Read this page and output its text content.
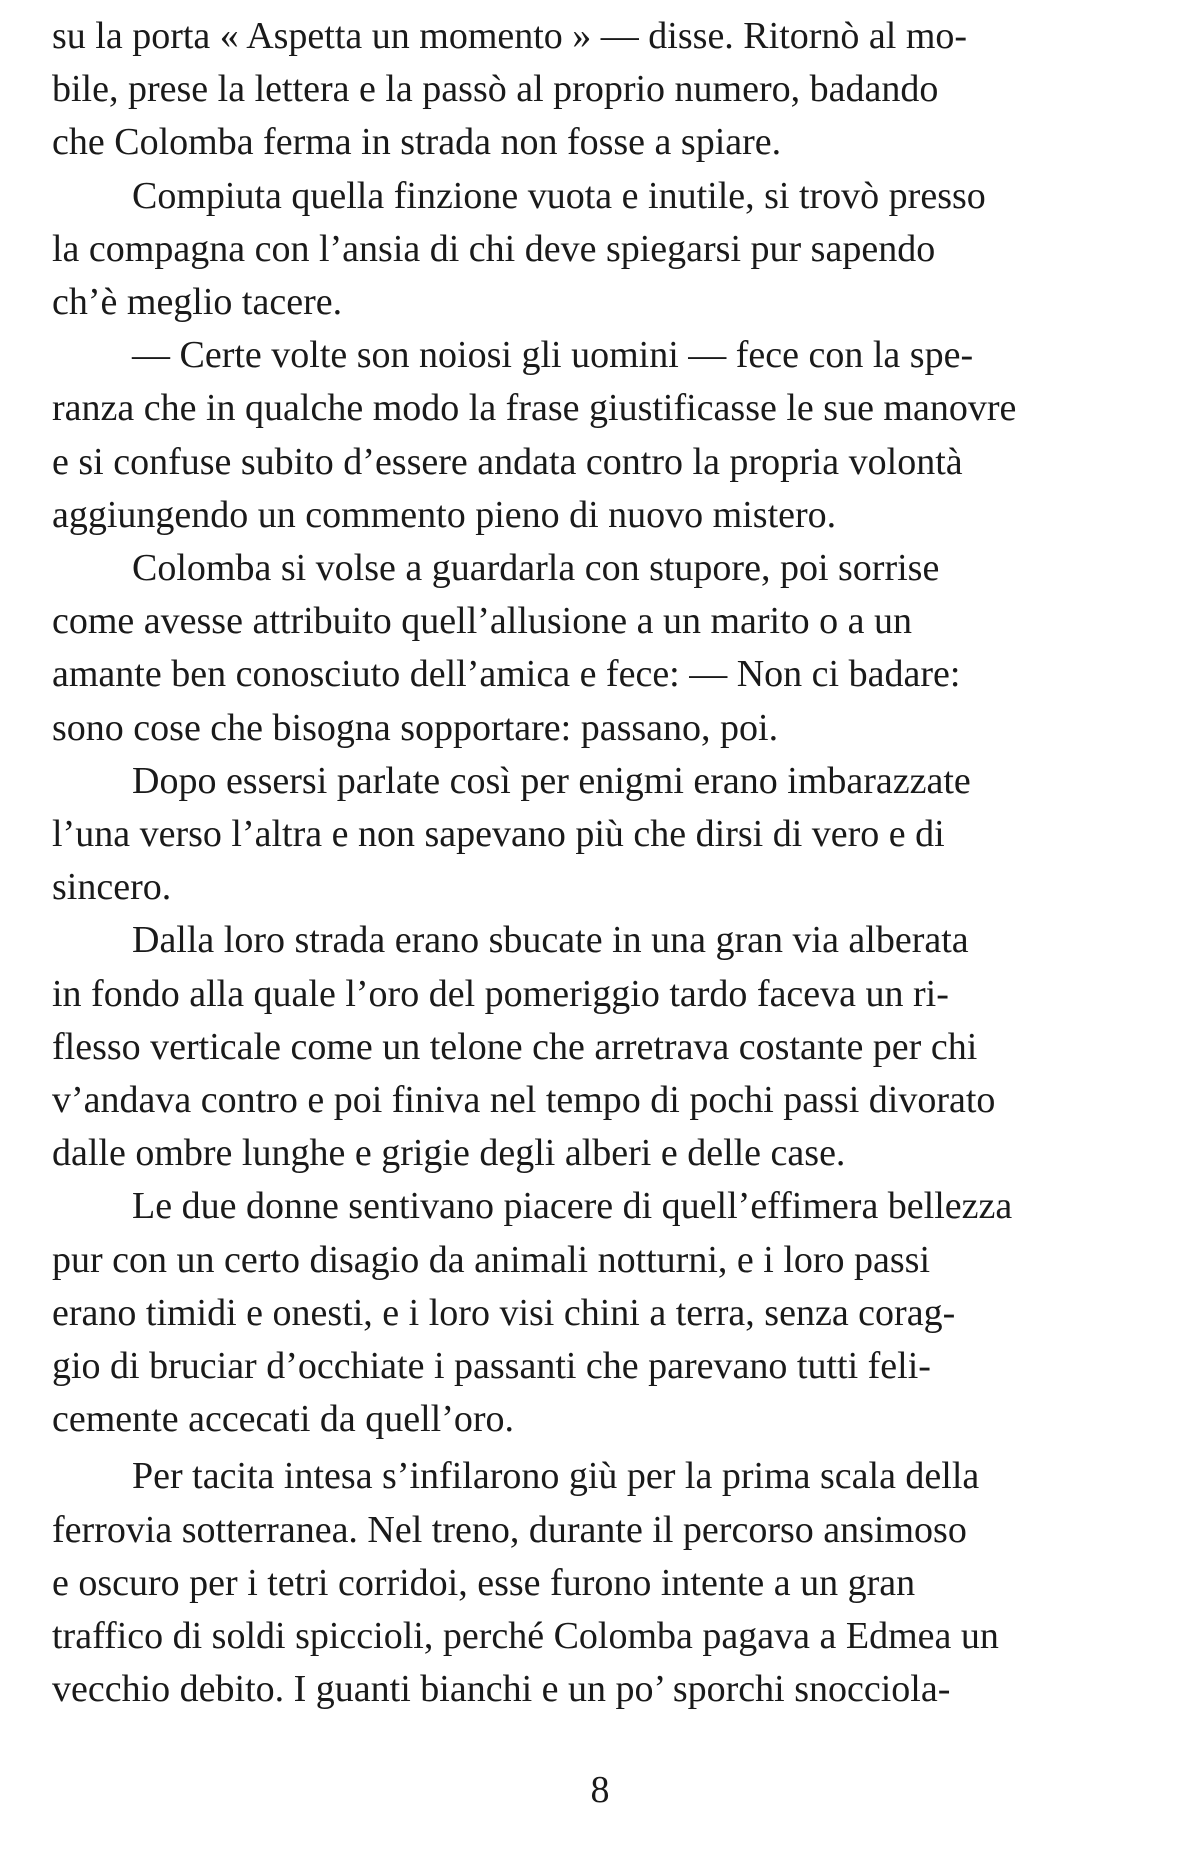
su la porta « Aspetta un momento » — disse. Ritornò al mo-
bile, prese la lettera e la passò al proprio numero, badando
che Colomba ferma in strada non fosse a spiare.

Compiuta quella finzione vuota e inutile, si trovò presso
la compagna con l’ansia di chi deve spiegarsi pur sapendo
ch’è meglio tacere.

— Certe volte son noiosi gli uomini — fece con la spe-
ranza che in qualche modo la frase giustificasse le sue manovre
e si confuse subito d’essere andata contro la propria volontà
aggiungendo un commento pieno di nuovo mistero.

Colomba si volse a guardarla con stupore, poi sorrise
come avesse attribuito quell’allusione a un marito o a un
amante ben conosciuto dell’amica e fece: — Non ci badare:
sono cose che bisogna sopportare: passano, poi.

Dopo essersi parlate così per enigmi erano imbarazzate
l’una verso l’altra e non sapevano più che dirsi di vero e di
sincero.

Dalla loro strada erano sbucate in una gran via alberata
in fondo alla quale l’oro del pomeriggio tardo faceva un ri-
flesso verticale come un telone che arretrava costante per chi
v’andava contro e poi finiva nel tempo di pochi passi divorato
dalle ombre lunghe e grigie degli alberi e delle case.

Le due donne sentivano piacere di quell’effimera bellezza
pur con un certo disagio da animali notturni, e i loro passi
erano timidi e onesti, e i loro visi chini a terra, senza corag-
gio di bruciar d’occhiate i passanti che parevano tutti feli-
cemente accecati da quell’oro.

Per tacita intesa s’infilarono giù per la prima scala della
ferrovia sotterranea. Nel treno, durante il percorso ansimoso
e oscuro per i tetri corridoi, esse furono intente a un gran
traffico di soldi spiccioli, perché Colomba pagava a Edmea un
vecchio debito. I guanti bianchi e un po’ sporchi snocciola-

8
